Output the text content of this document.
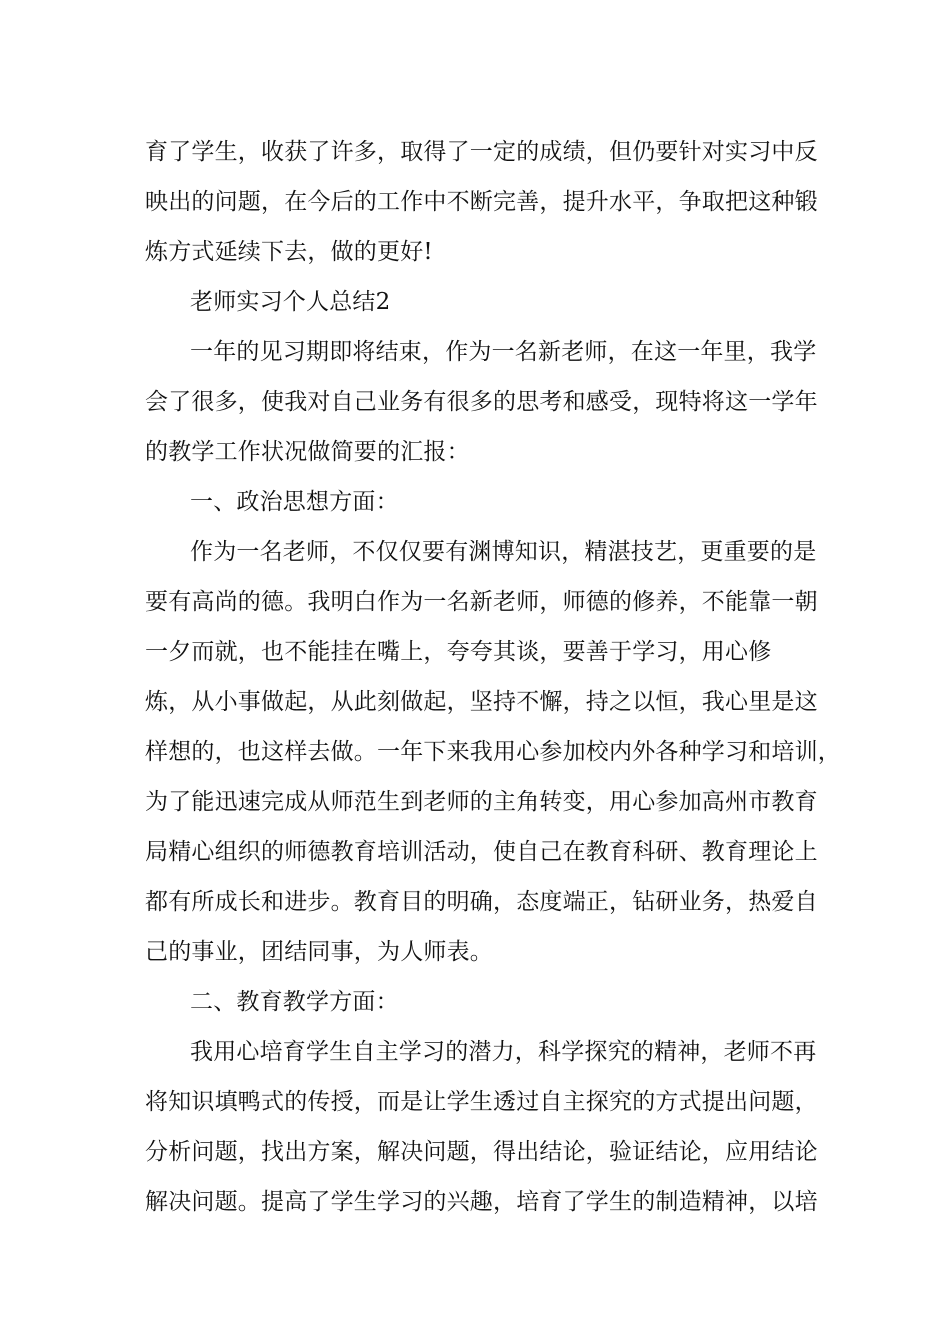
育了学生，收获了许多，取得了一定的成绩，但仍要针对实习中反
映出的问题，在今后的工作中不断完善，提升水平，争取把这种锻
炼方式延续下去，做的更好!
老师实习个人总结2
一年的见习期即将结束，作为一名新老师，在这一年里，我学
会了很多，使我对自己业务有很多的思考和感受，现特将这一学年
的教学工作状况做简要的汇报：
一、政治思想方面：
作为一名老师，不仅仅要有渊博知识，精湛技艺，更重要的是
要有高尚的德。我明白作为一名新老师，师德的修养，不能靠一朝
一夕而就，也不能挂在嘴上，夸夸其谈，要善于学习，用心修
炼，从小事做起，从此刻做起，坚持不懈，持之以恒，我心里是这
样想的，也这样去做。一年下来我用心参加校内外各种学习和培训，
为了能迅速完成从师范生到老师的主角转变，用心参加高州市教育
局精心组织的师德教育培训活动，使自己在教育科研、教育理论上
都有所成长和进步。教育目的明确，态度端正，钻研业务，热爱自
己的事业，团结同事，为人师表。
二、教育教学方面：
我用心培育学生自主学习的潜力，科学探究的精神，老师不再
将知识填鸭式的传授，而是让学生透过自主探究的方式提出问题，
分析问题，找出方案，解决问题，得出结论，验证结论，应用结论
解决问题。提高了学生学习的兴趣，培育了学生的制造精神，以培
